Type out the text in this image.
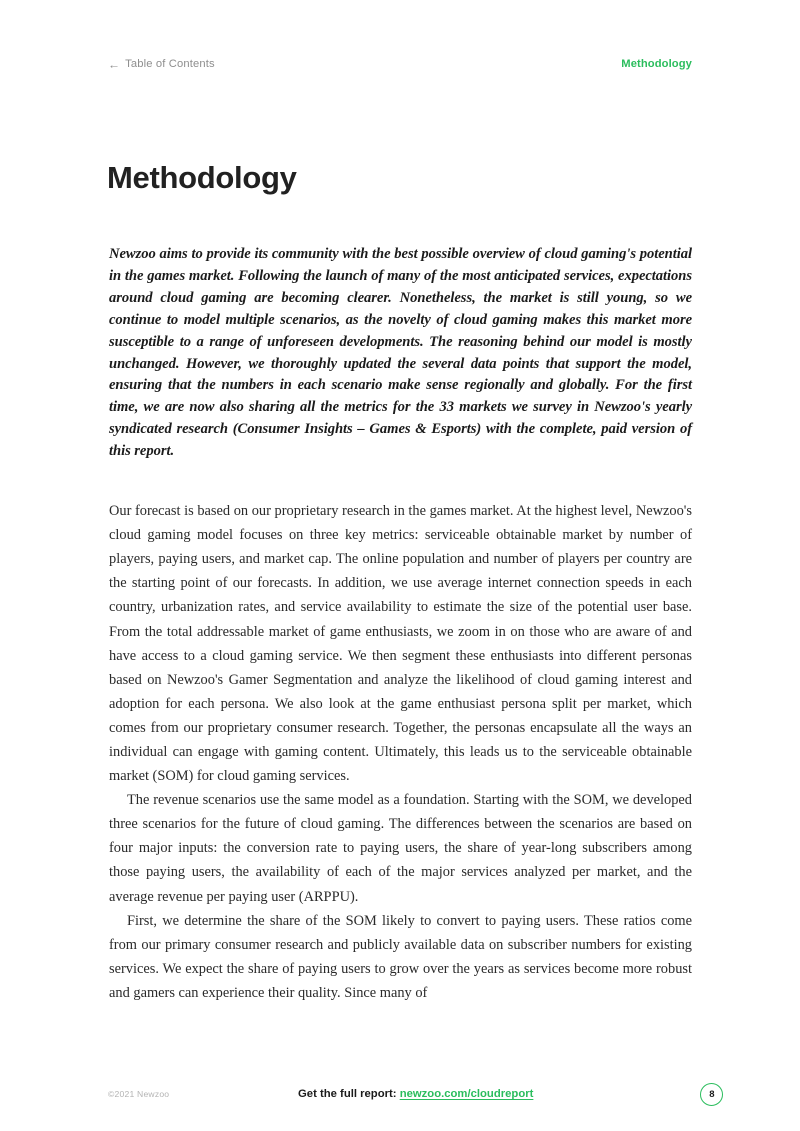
← Table of Contents	Methodology
Methodology

Newzoo aims to provide its community with the best possible overview of cloud gaming's potential in the games market. Following the launch of many of the most anticipated services, expectations around cloud gaming are becoming clearer. Nonetheless, the market is still young, so we continue to model multiple scenarios, as the novelty of cloud gaming makes this market more susceptible to a range of unforeseen developments. The reasoning behind our model is mostly unchanged. However, we thoroughly updated the several data points that support the model, ensuring that the numbers in each scenario make sense regionally and globally. For the first time, we are now also sharing all the metrics for the 33 markets we survey in Newzoo's yearly syndicated research (Consumer Insights – Games & Esports) with the complete, paid version of this report.

Our forecast is based on our proprietary research in the games market. At the highest level, Newzoo's cloud gaming model focuses on three key metrics: serviceable obtainable market by number of players, paying users, and market cap. The online population and number of players per country are the starting point of our forecasts. In addition, we use average internet connection speeds in each country, urbanization rates, and service availability to estimate the size of the potential user base. From the total addressable market of game enthusiasts, we zoom in on those who are aware of and have access to a cloud gaming service. We then segment these enthusiasts into different personas based on Newzoo's Gamer Segmentation and analyze the likelihood of cloud gaming interest and adoption for each persona. We also look at the game enthusiast persona split per market, which comes from our proprietary consumer research. Together, the personas encapsulate all the ways an individual can engage with gaming content. Ultimately, this leads us to the serviceable obtainable market (SOM) for cloud gaming services.

The revenue scenarios use the same model as a foundation. Starting with the SOM, we developed three scenarios for the future of cloud gaming. The differences between the scenarios are based on four major inputs: the conversion rate to paying users, the share of year-long subscribers among those paying users, the availability of each of the major services analyzed per market, and the average revenue per paying user (ARPPU).

First, we determine the share of the SOM likely to convert to paying users. These ratios come from our primary consumer research and publicly available data on subscriber numbers for existing services. We expect the share of paying users to grow over the years as services become more robust and gamers can experience their quality. Since many of

©2021 Newzoo	Get the full report: newzoo.com/cloudreport	8
